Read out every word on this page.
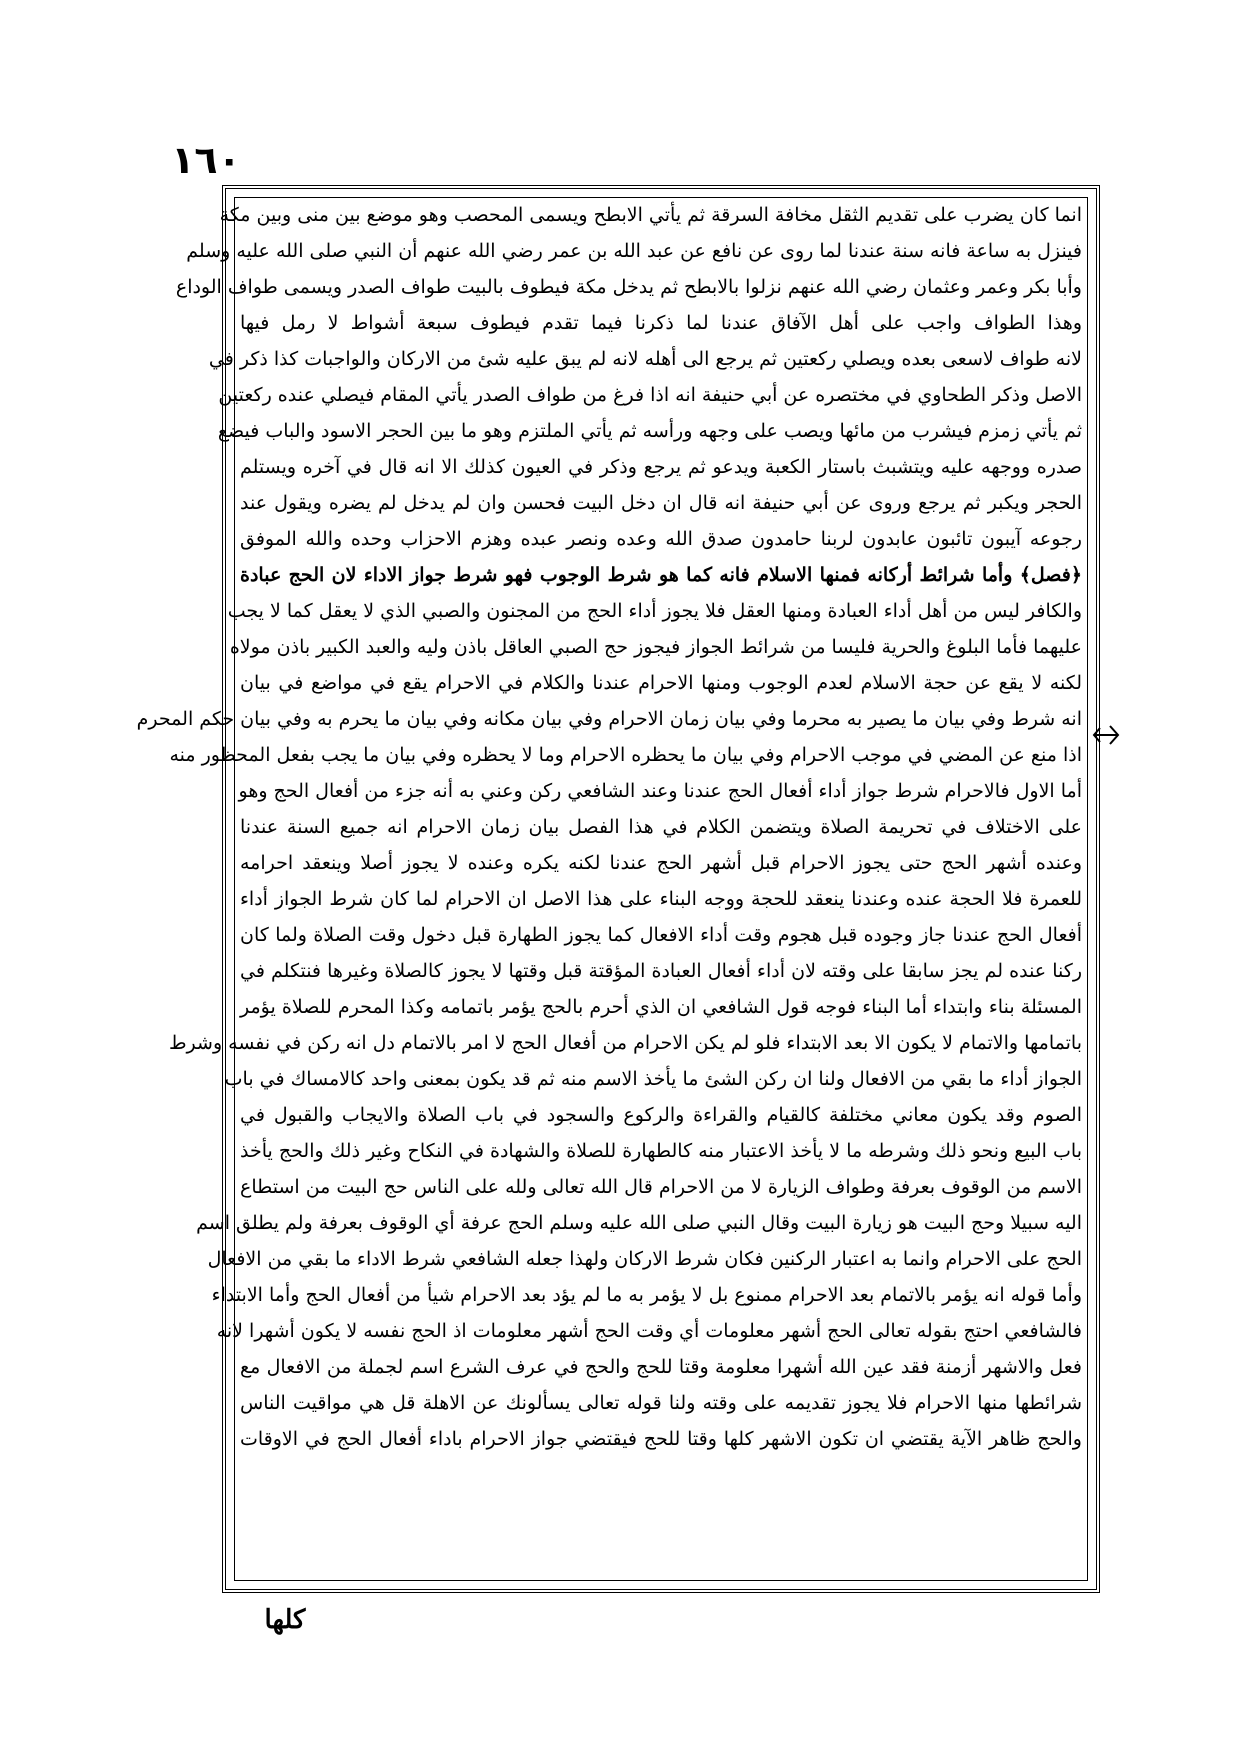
١٦٠
انما كان يضرب على تقديم الثقل مخافة السرقة ثم يأتي الابطح ويسمى المحصب وهو موضع بين منى وبين مكة
فينزل به ساعة فانه سنة عندنا لما روى عن نافع عن عبد الله بن عمر رضي الله عنهم أن النبي صلى الله عليه وسلم
وأبا بكر وعمر وعثمان رضي الله عنهم نزلوا بالابطح ثم يدخل مكة فيطوف بالبيت طواف الصدر ويسمى طواف الوداع
وهذا الطواف واجب على أهل الآفاق عندنا لما ذكرنا فيما تقدم فيطوف سبعة أشواط لا رمل فيها
لانه طواف لاسعى بعده ويصلي ركعتين ثم يرجع الى أهله لانه لم يبق عليه شئ من الاركان والواجبات كذا ذكر في
الاصل وذكر الطحاوي في مختصره عن أبي حنيفة انه اذا فرغ من طواف الصدر يأتي المقام فيصلي عنده ركعتين
ثم يأتي زمزم فيشرب من مائها ويصب على وجهه ورأسه ثم يأتي الملتزم وهو ما بين الحجر الاسود والباب فيضع
صدره ووجهه عليه ويتشبث باستار الكعبة ويدعو ثم يرجع وذكر في العيون كذلك الا انه قال في آخره ويستلم
الحجر ويكبر ثم يرجع وروى عن أبي حنيفة انه قال ان دخل البيت فحسن وان لم يدخل لم يضره ويقول عند
رجوعه آيبون تائبون عابدون لربنا حامدون صدق الله وعده ونصر عبده وهزم الاحزاب وحده والله الموفق
﴿فصل﴾ وأما شرائط أركانه فمنها الاسلام فانه كما هو شرط الوجوب فهو شرط جواز الاداء لان الحج عبادة
والكافر ليس من أهل أداء العبادة ومنها العقل فلا يجوز أداء الحج من المجنون والصبي الذي لا يعقل كما لا يجب
عليهما فأما البلوغ والحرية فليسا من شرائط الجواز فيجوز حج الصبي العاقل باذن وليه والعبد الكبير باذن مولاه
لكنه لا يقع عن حجة الاسلام لعدم الوجوب ومنها الاحرام عندنا والكلام في الاحرام يقع في مواضع في بيان
انه شرط وفي بيان ما يصير به محرما وفي بيان زمان الاحرام وفي بيان مكانه وفي بيان ما يحرم به وفي بيان حكم المحرم
اذا منع عن المضي في موجب الاحرام وفي بيان ما يحظره الاحرام وما لا يحظره وفي بيان ما يجب بفعل المحظور منه
أما الاول فالاحرام شرط جواز أداء أفعال الحج عندنا وعند الشافعي ركن وعني به أنه جزء من أفعال الحج وهو
على الاختلاف في تحريمة الصلاة ويتضمن الكلام في هذا الفصل بيان زمان الاحرام انه جميع السنة عندنا
وعنده أشهر الحج حتى يجوز الاحرام قبل أشهر الحج عندنا لكنه يكره وعنده لا يجوز أصلا وينعقد احرامه
للعمرة فلا الحجة عنده وعندنا ينعقد للحجة ووجه البناء على هذا الاصل ان الاحرام لما كان شرط الجواز أداء
أفعال الحج عندنا جاز وجوده قبل هجوم وقت أداء الافعال كما يجوز الطهارة قبل دخول وقت الصلاة ولما كان
ركنا عنده لم يجز سابقا على وقته لان أداء أفعال العبادة المؤقتة قبل وقتها لا يجوز كالصلاة وغيرها فنتكلم في
المسئلة بناء وابتداء أما البناء فوجه قول الشافعي ان الذي أحرم بالحج يؤمر باتمامه وكذا المحرم للصلاة يؤمر
باتمامها والاتمام لا يكون الا بعد الابتداء فلو لم يكن الاحرام من أفعال الحج لا امر بالاتمام دل انه ركن في نفسه وشرط
الجواز أداء ما بقي من الافعال ولنا ان ركن الشئ ما يأخذ الاسم منه ثم قد يكون بمعنى واحد كالامساك في باب
الصوم وقد يكون معاني مختلفة كالقيام والقراءة والركوع والسجود في باب الصلاة والايجاب والقبول في
باب البيع ونحو ذلك وشرطه ما لا يأخذ الاعتبار منه كالطهارة للصلاة والشهادة في النكاح وغير ذلك والحج يأخذ
الاسم من الوقوف بعرفة وطواف الزيارة لا من الاحرام قال الله تعالى ولله على الناس حج البيت من استطاع
اليه سبيلا وحج البيت هو زيارة البيت وقال النبي صلى الله عليه وسلم الحج عرفة أي الوقوف بعرفة ولم يطلق اسم
الحج على الاحرام وانما به اعتبار الركنين فكان شرط الاركان ولهذا جعله الشافعي شرط الاداء ما بقي من الافعال
وأما قوله انه يؤمر بالاتمام بعد الاحرام ممنوع بل لا يؤمر به ما لم يؤد بعد الاحرام شيأ من أفعال الحج وأما الابتداء
فالشافعي احتج بقوله تعالى الحج أشهر معلومات أي وقت الحج أشهر معلومات اذ الحج نفسه لا يكون أشهرا لانه
فعل والاشهر أزمنة فقد عين الله أشهرا معلومة وقتا للحج والحج في عرف الشرع اسم لجملة من الافعال مع
شرائطها منها الاحرام فلا يجوز تقديمه على وقته ولنا قوله تعالى يسألونك عن الاهلة قل هي مواقيت الناس
والحج ظاهر الآية يقتضي ان تكون الاشهر كلها وقتا للحج فيقتضي جواز الاحرام باداء أفعال الحج في الاوقات
كلها
